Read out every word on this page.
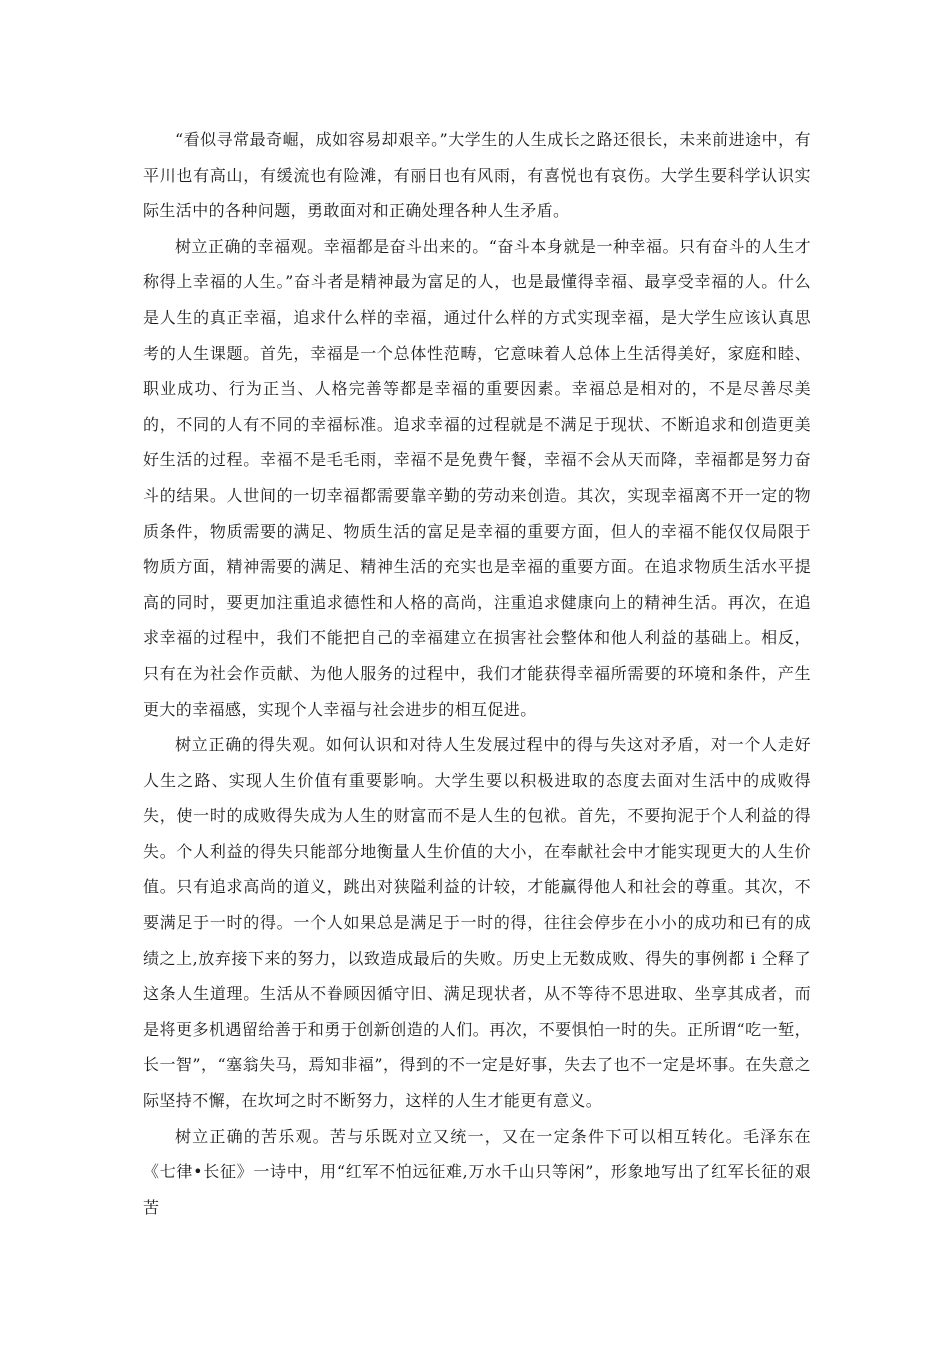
“看似寻常最奇崛，成如容易却艰辛。”大学生的人生成长之路还很长，未来前进途中，有平川也有高山，有缓流也有险滩，有丽日也有风雨，有喜悦也有哀伤。大学生要科学认识实际生活中的各种问题，勇敢面对和正确处理各种人生矛盾。

树立正确的幸福观。幸福都是奋斗出来的。“奋斗本身就是一种幸福。只有奋斗的人生才称得上幸福的人生。”奋斗者是精神最为富足的人，也是最懂得幸福、最享受幸福的人。什么是人生的真正幸福，追求什么样的幸福，通过什么样的方式实现幸福，是大学生应该认真思考的人生课题。首先，幸福是一个总体性范畴，它意味着人总体上生活得美好，家庭和睦、职业成功、行为正当、人格完善等都是幸福的重要因素。幸福总是相对的，不是尽善尽美的，不同的人有不同的幸福标准。追求幸福的过程就是不满足于现状、不断追求和创造更美好生活的过程。幸福不是毛毛雨，幸福不是免费午餐，幸福不会从天而降，幸福都是努力奋斗的结果。人世间的一切幸福都需要靠辛勤的劳动来创造。其次，实现幸福离不开一定的物质条件，物质需要的满足、物质生活的富足是幸福的重要方面，但人的幸福不能仅仅局限于物质方面，精神需要的满足、精神生活的充实也是幸福的重要方面。在追求物质生活水平提高的同时，要更加注重追求德性和人格的高尚，注重追求健康向上的精神生活。再次，在追求幸福的过程中，我们不能把自己的幸福建立在损害社会整体和他人利益的基础上。相反，只有在为社会作贡献、为他人服务的过程中，我们才能获得幸福所需要的环境和条件，产生更大的幸福感，实现个人幸福与社会进步的相互促进。

树立正确的得失观。如何认识和对待人生发展过程中的得与失这对矛盾，对一个人走好人生之路、实现人生价值有重要影响。大学生要以积极进取的态度去面对生活中的成败得失，使一时的成败得失成为人生的财富而不是人生的包袱。首先，不要拘泥于个人利益的得失。个人利益的得失只能部分地衡量人生价值的大小，在奉献社会中才能实现更大的人生价值。只有追求高尚的道义，跳出对狭隘利益的计较，才能赢得他人和社会的尊重。其次，不要满足于一时的得。一个人如果总是满足于一时的得，往往会停步在小小的成功和已有的成绩之上,放弃接下来的努力，以致造成最后的失败。历史上无数成败、得失的事例都 i 仝释了这条人生道理。生活从不眷顾因循守旧、满足现状者，从不等待不思进取、坐享其成者，而是将更多机遇留给善于和勇于创新创造的人们。再次，不要惧怕一时的失。正所谓“吃一堑，长一智”，“塞翁失马，焉知非福”，得到的不一定是好事，失去了也不一定是坏事。在失意之际坚持不懈，在坎坷之时不断努力，这样的人生才能更有意义。

树立正确的苦乐观。苦与乐既对立又统一，又在一定条件下可以相互转化。毛泽东在《七律•长征》一诗中，用“红军不怕远征难,万水千山只等闲”，形象地写出了红军长征的艰苦
